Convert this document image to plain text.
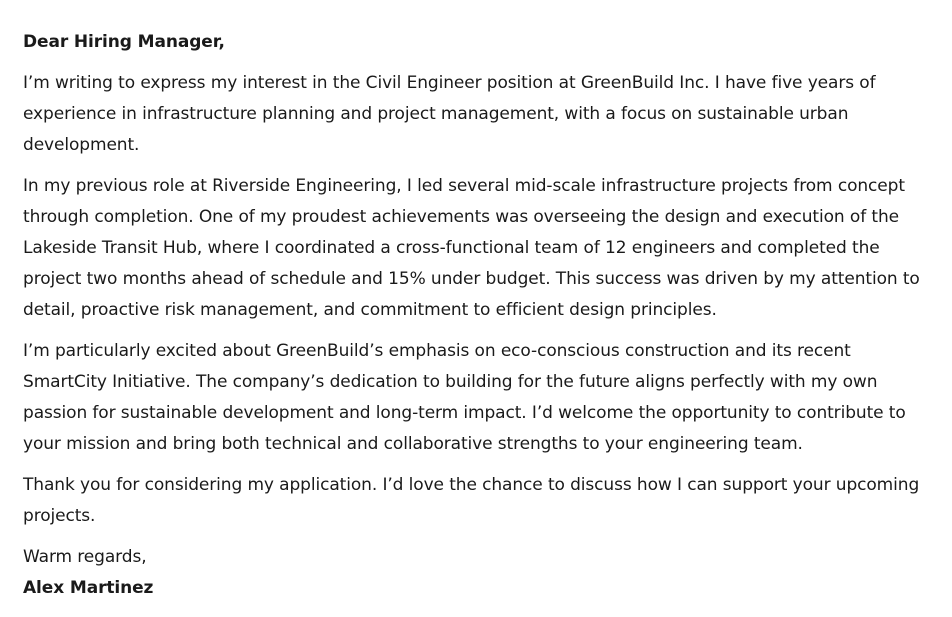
Dear Hiring Manager,

I’m writing to express my interest in the Civil Engineer position at GreenBuild Inc. I have five years of experience in infrastructure planning and project management, with a focus on sustainable urban development.

In my previous role at Riverside Engineering, I led several mid-scale infrastructure projects from concept through completion. One of my proudest achievements was overseeing the design and execution of the Lakeside Transit Hub, where I coordinated a cross-functional team of 12 engineers and completed the project two months ahead of schedule and 15% under budget. This success was driven by my attention to detail, proactive risk management, and commitment to efficient design principles.

I’m particularly excited about GreenBuild’s emphasis on eco-conscious construction and its recent SmartCity Initiative. The company’s dedication to building for the future aligns perfectly with my own passion for sustainable development and long-term impact. I’d welcome the opportunity to contribute to your mission and bring both technical and collaborative strengths to your engineering team.

Thank you for considering my application. I’d love the chance to discuss how I can support your upcoming projects.

Warm regards,

Alex Martinez
